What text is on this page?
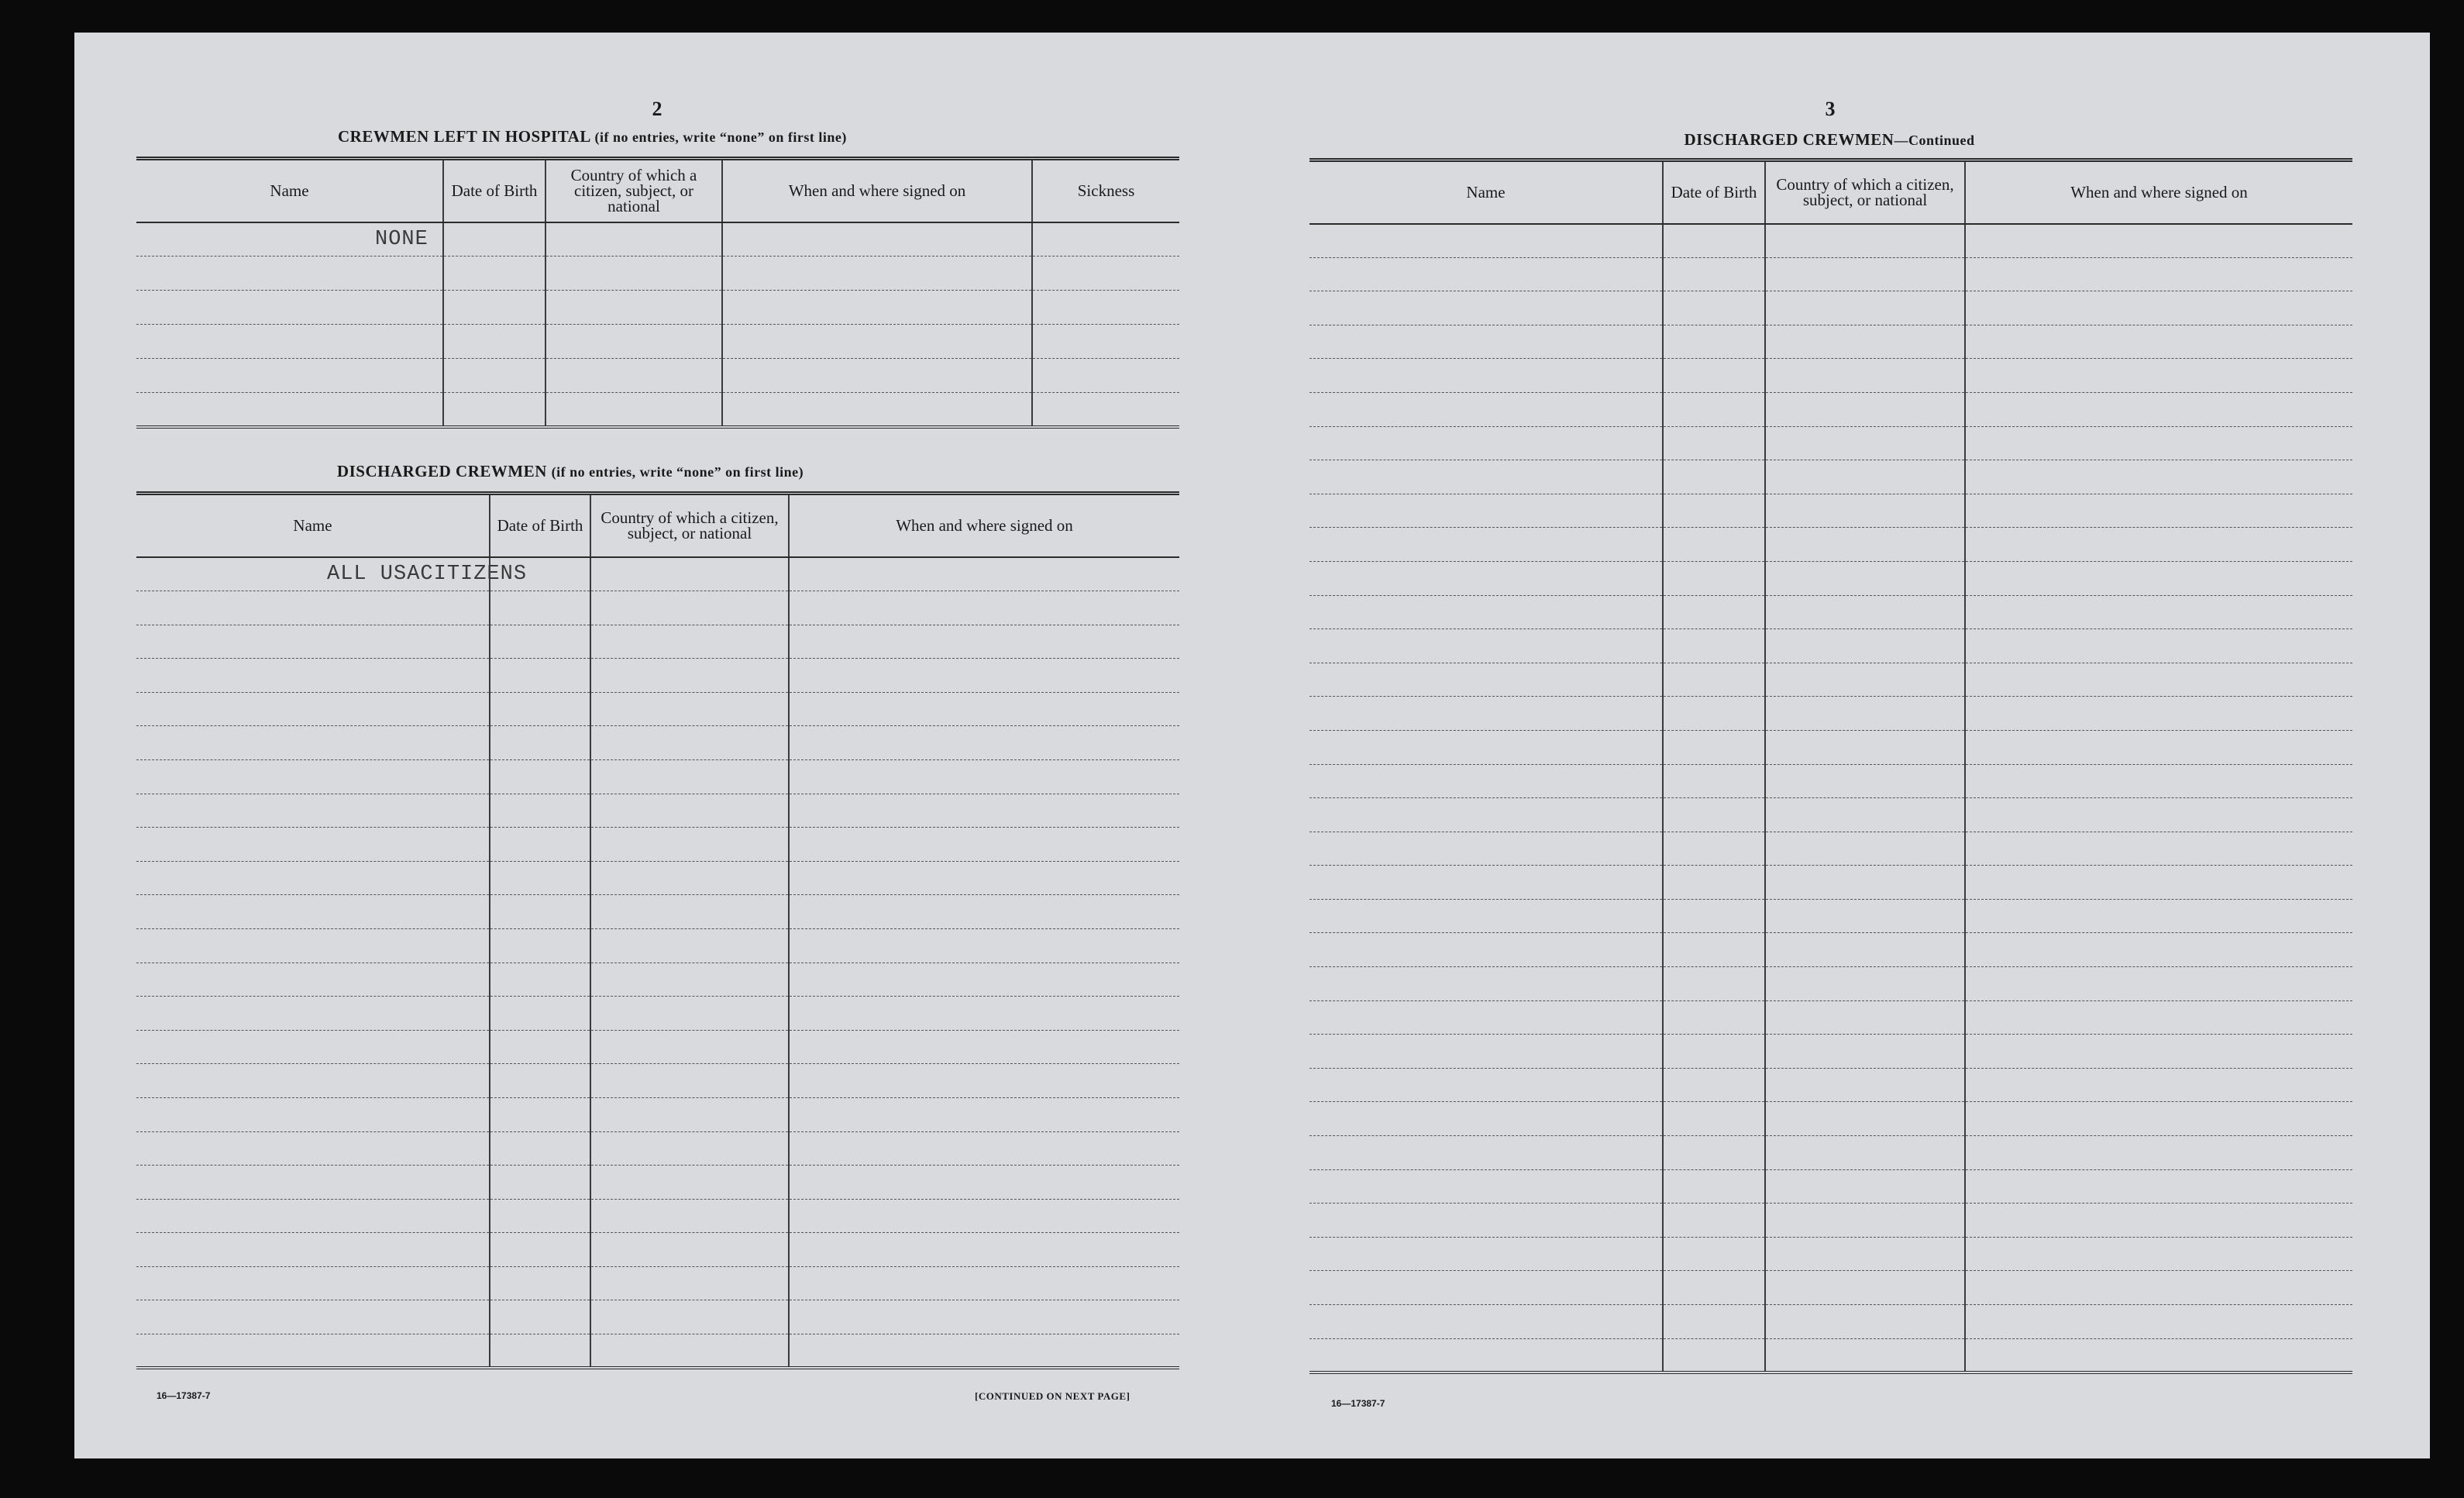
2
CREWMEN LEFT IN HOSPITAL (if no entries, write “none” on first line)
Name	Date of Birth	Country of which a citizen, subject, or national	When and where signed on	Sickness

NONE				

DISCHARGED CREWMEN (if no entries, write “none” on first line)
Name	Date of Birth	Country of which a citizen, subject, or national	When and where signed on

ALL USACITIZENS			

16—17387-7	[CONTINUED ON NEXT PAGE]
3
DISCHARGED CREWMEN—Continued
Name	Date of Birth	Country of which a citizen, subject, or national	When and where signed on

16—17387-7
